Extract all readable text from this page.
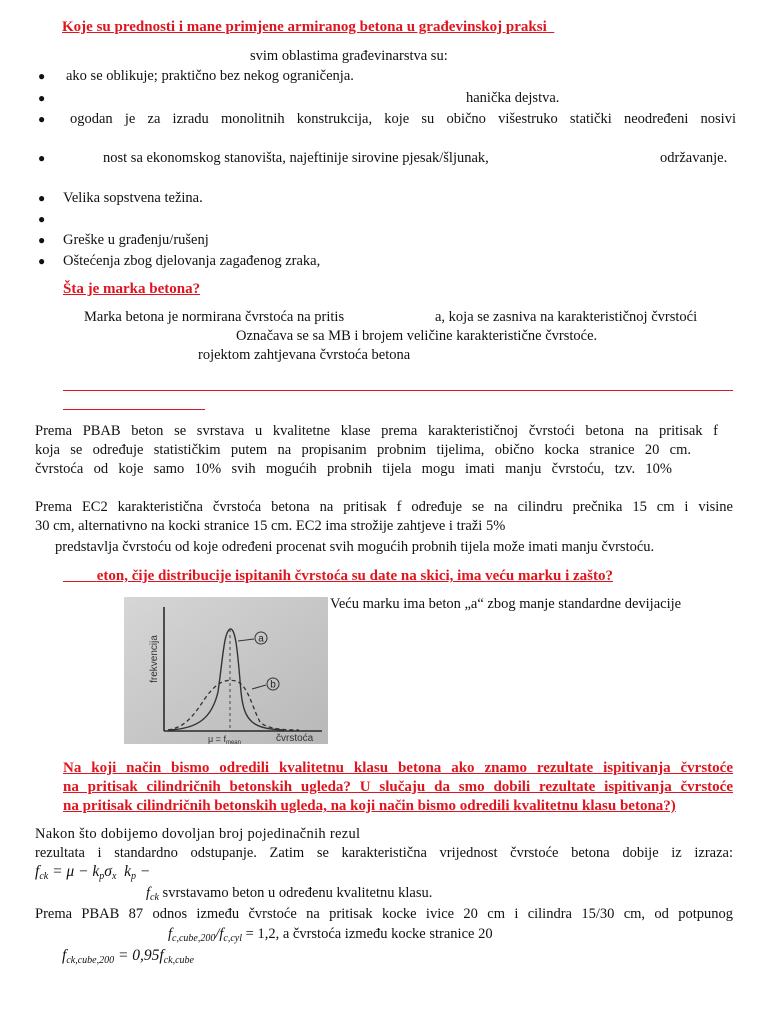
Koje su prednosti i mane primjene armiranog betona u građevinskoj praksi
svim oblastima građevinarstva su:
● ako se oblikuje; praktično bez nekog ograničenja.
●	hanička dejstva.
● ogodan je za izradu monolitnih konstrukcija, koje su obično višestruko statički neodređeni nosivi
●	nost sa ekonomskog stanovišta, najeftinije sirovine pjesak/šljunak,	održavanje.
● Velika sopstvena težina.
●
● Greške u građenju/rušenj
● Oštećenja zbog djelovanja zagađenog zraka,
Šta je marka betona?
Marka betona je normirana čvrstoća na pritis	a, koja se zasniva na karakterističnoj čvrstoći
Označava se sa MB i brojem veličine karakteristične čvrstoće.
rojektom zahtjevana čvrstoća betona
Prema PBAB beton se svrstava u kvalitetne klase prema karakterističnoj čvrstoći betona na pritisak f
koja se određuje statističkim putem na propisanim probnim tijelima, obično kocka stranice 20 cm.
čvrstoća od koje samo 10% svih mogućih probnih tijela mogu imati manju čvrstoću, tzv. 10%
Prema EC2 karakteristična čvrstoća betona na pritisak f određuje se na cilindru prečnika 15 cm i visine
30 cm, alternativno na kocki stranice 15 cm. EC2 ima strožije zahtjeve i traži 5%
predstavlja čvrstoću od koje određeni procenat svih mogućih probnih tijela može imati manju čvrstoću.
eton, čije distribucije ispitanih čvrstoća su date na skici, ima veću marku i zašto?
Veću marku ima beton „a“ zbog manje standardne devijacije
a
b
frekvencija
$\mu = f_{mean}$	čvrstoća
Na koji način bismo odredili kvalitetnu klasu betona ako znamo rezultate ispitivanja čvrstoće
na pritisak cilindričnih betonskih ugleda? U slučaju da smo dobili rezultate ispitivanja čvrstoće
na pritisak cilindričnih betonskih ugleda, na koji način bismo odredili kvalitetnu klasu betona?)
Nakon što dobijemo dovoljan broj pojedinačnih rezul
rezultata i standardno odstupanje. Zatim se karakteristična vrijednost čvrstoće betona dobije iz izraza:
$f_{ck} = \mu - k_p\sigma_x$  $k_p$ −
$f_{ck}$ svrstavamo beton u određenu kvalitetnu klasu.
Prema PBAB 87 odnos između čvrstoće na pritisak kocke ivice 20 cm i cilindra 15/30 cm, od potpunog
$f_{c,cube,200}/f_{c,cyl} = 1,2$, a čvrstoća između kocke stranice 20
$f_{ck,cube,200} = 0,95f_{ck,cube}$
